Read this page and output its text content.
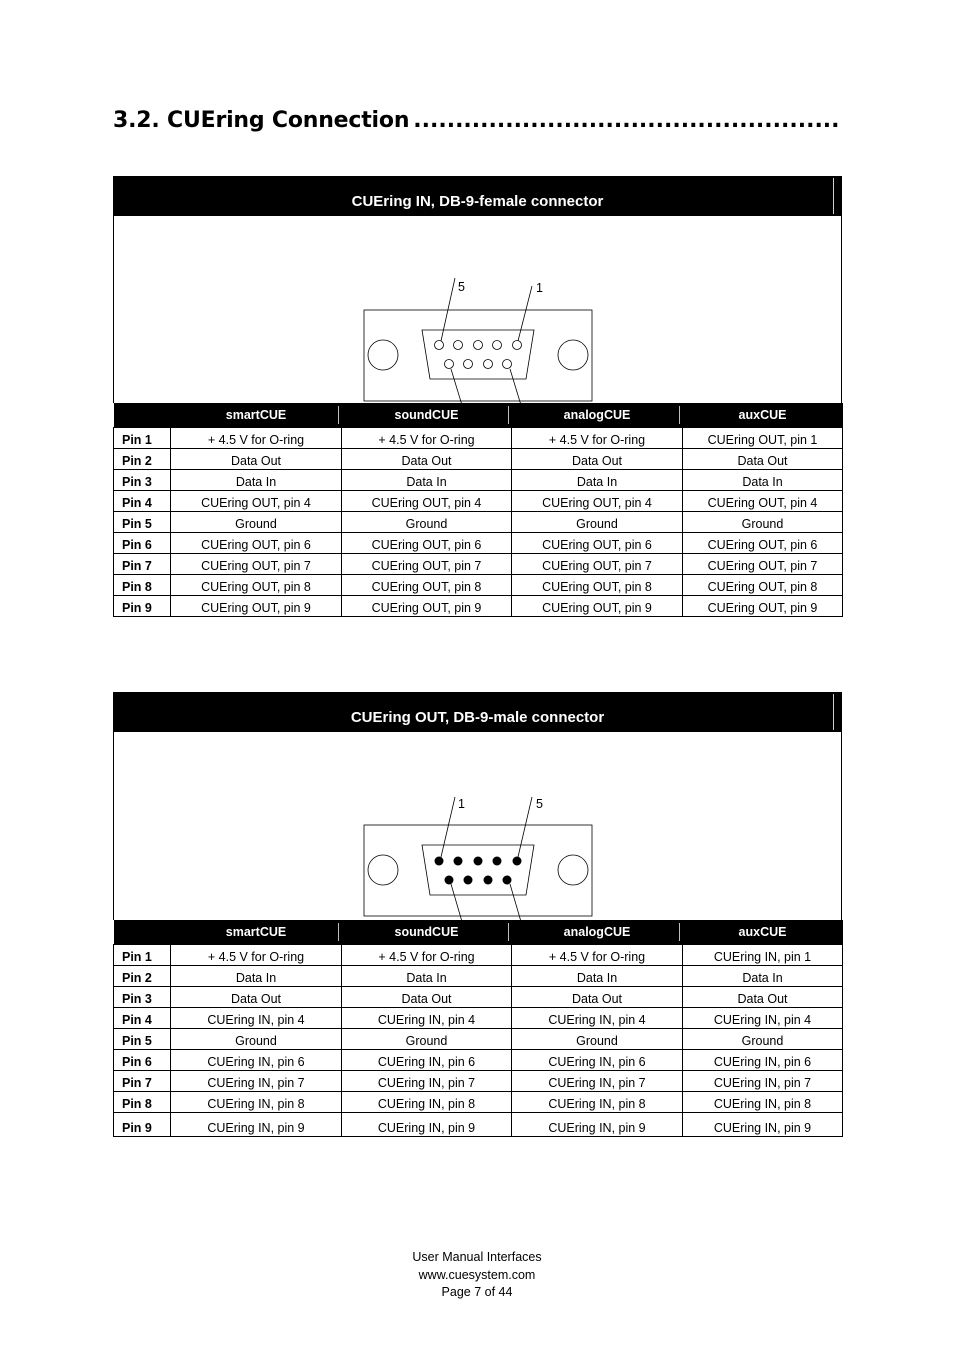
3.2. CUEring Connection ...................................................
CUEring IN, DB-9-female connector
5	1
	smartCUE	soundCUE	analogCUE	auxCUE
Pin 1	+ 4.5 V for O-ring	+ 4.5 V for O-ring	+ 4.5 V for O-ring	CUEring OUT, pin 1
Pin 2	Data Out	Data Out	Data Out	Data Out
Pin 3	Data In	Data In	Data In	Data In
Pin 4	CUEring OUT, pin 4	CUEring OUT, pin 4	CUEring OUT, pin 4	CUEring OUT, pin 4
Pin 5	Ground	Ground	Ground	Ground
Pin 6	CUEring OUT, pin 6	CUEring OUT, pin 6	CUEring OUT, pin 6	CUEring OUT, pin 6
Pin 7	CUEring OUT, pin 7	CUEring OUT, pin 7	CUEring OUT, pin 7	CUEring OUT, pin 7
Pin 8	CUEring OUT, pin 8	CUEring OUT, pin 8	CUEring OUT, pin 8	CUEring OUT, pin 8
Pin 9	CUEring OUT, pin 9	CUEring OUT, pin 9	CUEring OUT, pin 9	CUEring OUT, pin 9
CUEring OUT, DB-9-male connector
1	5
	smartCUE	soundCUE	analogCUE	auxCUE
Pin 1	+ 4.5 V for O-ring	+ 4.5 V for O-ring	+ 4.5 V for O-ring	CUEring IN, pin 1
Pin 2	Data In	Data In	Data In	Data In
Pin 3	Data Out	Data Out	Data Out	Data Out
Pin 4	CUEring IN, pin 4	CUEring IN, pin 4	CUEring IN, pin 4	CUEring IN, pin 4
Pin 5	Ground	Ground	Ground	Ground
Pin 6	CUEring IN, pin 6	CUEring IN, pin 6	CUEring IN, pin 6	CUEring IN, pin 6
Pin 7	CUEring IN, pin 7	CUEring IN, pin 7	CUEring IN, pin 7	CUEring IN, pin 7
Pin 8	CUEring IN, pin 8	CUEring IN, pin 8	CUEring IN, pin 8	CUEring IN, pin 8
Pin 9	CUEring IN, pin 9	CUEring IN, pin 9	CUEring IN, pin 9	CUEring IN, pin 9
User Manual Interfaces
www.cuesystem.com
Page 7 of 44
